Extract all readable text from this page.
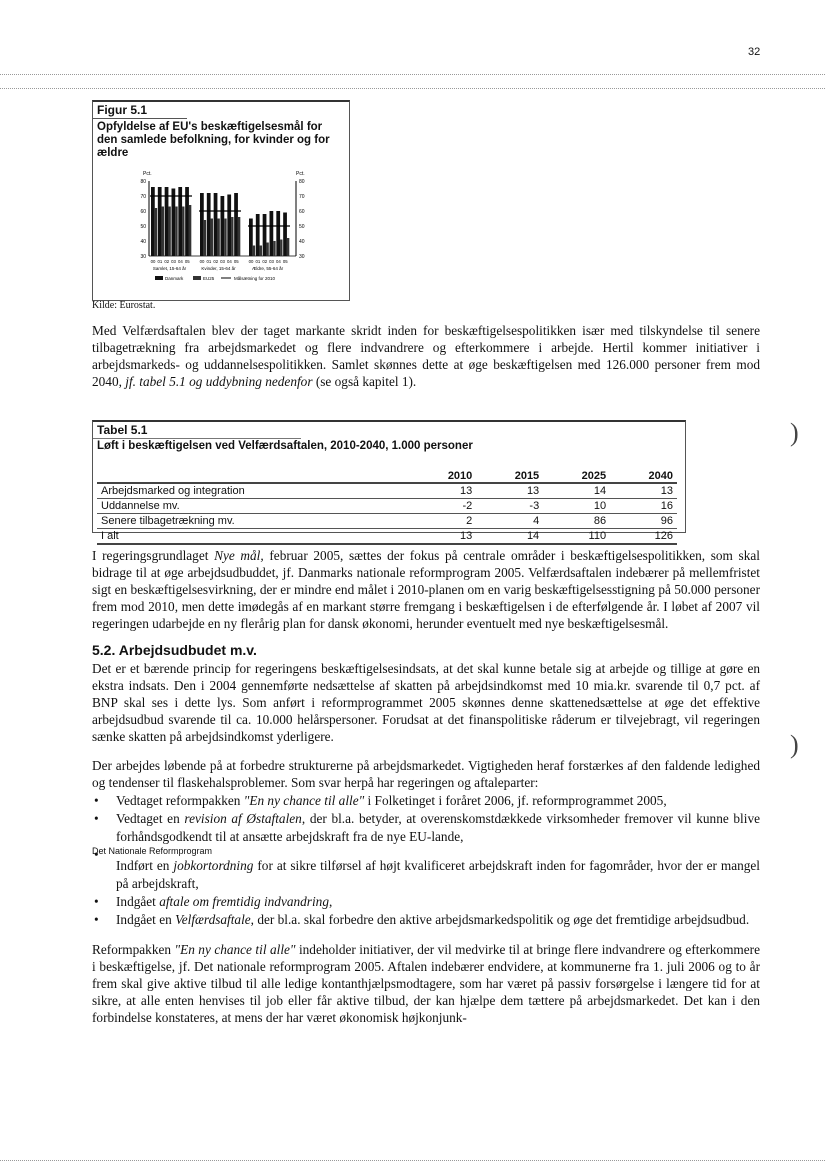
32
Figur 5.1
Opfyldelse af EU's beskæftigelsesmål for den samlede befolkning, for kvinder og for ældre
Pct.	Pct.
30	30
40	40
50	50
60	60
70	70
80	80
00 01 02 03 04 05
Samlet, 15-64 år
00 01 02 03 04 05
Kvinder, 15-64 år
00 01 02 03 04 05
Ældre, 55-64 år
Danmark	EU25	Målsætning for 2010
Kilde: Eurostat.

Med Velfærdsaftalen blev der taget markante skridt inden for beskæftigelsespolitikken især med tilskyndelse til senere tilbagetrækning fra arbejdsmarkedet og flere indvandrere og efterkommere i arbejde. Hertil kommer initiativer i arbejdsmarkeds- og uddannelsespolitikken. Samlet skønnes dette at øge beskæftigelsen med 126.000 personer frem mod 2040, jf. tabel 5.1 og uddybning nedenfor (se også kapitel 1).

Tabel 5.1
Løft i beskæftigelsen ved Velfærdsaftalen, 2010-2040, 1.000 personer
	2010	2015	2025	2040
Arbejdsmarked og integration	13	13	14	13
Uddannelse mv.	-2	-3	10	16
Senere tilbagetrækning mv.	2	4	86	96
I alt	13	14	110	126

I regeringsgrundlaget Nye mål, februar 2005, sættes der fokus på centrale områder i beskæftigelsespolitikken, som skal bidrage til at øge arbejdsudbuddet, jf. Danmarks nationale reformprogram 2005. Velfærdsaftalen indebærer på mellemfristet sigt en beskæftigelsesvirkning, der er mindre end målet i 2010-planen om en varig beskæftigelsesstigning på 50.000 personer frem mod 2010, men dette imødegås af en markant større fremgang i beskæftigelsen i de efterfølgende år. I løbet af 2007 vil regeringen udarbejde en ny flerårig plan for dansk økonomi, herunder eventuelt med nye beskæftigelsesmål.

5.2. Arbejdsudbudet m.v.

Det er et bærende princip for regeringens beskæftigelsesindsats, at det skal kunne betale sig at arbejde og tillige at gøre en ekstra indsats. Den i 2004 gennemførte nedsættelse af skatten på arbejdsindkomst med 10 mia.kr. svarende til 0,7 pct. af BNP skal ses i dette lys. Som anført i reformprogrammet 2005 skønnes denne skattenedsættelse at øge det effektive arbejdsudbud svarende til ca. 10.000 helårspersoner. Forudsat at det finanspolitiske råderum er tilvejebragt, vil regeringen sænke skatten på arbejdsindkomst yderligere.

Der arbejdes løbende på at forbedre strukturerne på arbejdsmarkedet. Vigtigheden heraf forstærkes af den faldende ledighed og tendenser til flaskehalsproblemer. Som svar herpå har regeringen og aftaleparter:

• Vedtaget reformpakken "En ny chance til alle" i Folketinget i foråret 2006, jf. reformprogrammet 2005,
• Vedtaget en revision af Østaftalen, der bl.a. betyder, at overenskomstdækkede virksomheder fremover vil kunne blive forhåndsgodkendt til at ansætte arbejdskraft fra de nye EU-lande,
• Det Nationale Reformprogram
Indført en jobkortordning for at sikre tilførsel af højt kvalificeret arbejdskraft inden for fagområder, hvor der er mangel på arbejdskraft,
• Indgået aftale om fremtidig indvandring,
• Indgået en Velfærdsaftale, der bl.a. skal forbedre den aktive arbejdsmarkedspolitik og øge det fremtidige arbejdsudbud.

Reformpakken "En ny chance til alle" indeholder initiativer, der vil medvirke til at bringe flere indvandrere og efterkommere i beskæftigelse, jf. Det nationale reformprogram 2005. Aftalen indebærer endvidere, at kommunerne fra 1. juli 2006 og to år frem skal give aktive tilbud til alle ledige kontanthjælpsmodtagere, som har været på passiv forsørgelse i længere tid for at sikre, at alle enten henvises til job eller får aktive tilbud, der kan hjælpe dem tættere på arbejdsmarkedet. Det kan i den forbindelse konstateres, at mens der har været økonomisk højkonjunk-

)
)
